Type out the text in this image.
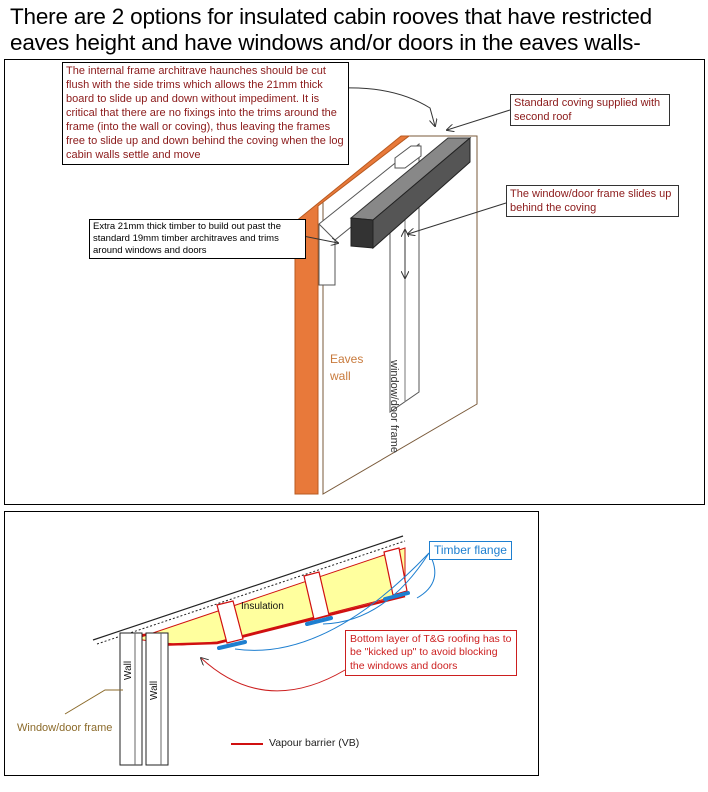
There are 2 options for insulated cabin rooves that have restricted eaves height and have windows and/or doors in the eaves walls-
The internal frame architrave haunches should be cut flush with the side trims which allows the 21mm thick board to slide up and down without impediment. It is critical that there are no fixings into the trims around the frame (into the wall or coving), thus leaving the frames free to slide up and down behind the coving when the log cabin walls settle and move
Standard coving supplied with second roof
The window/door frame slides up behind the coving
Extra 21mm thick timber to build out past the standard 19mm timber architraves and trims around windows and doors
Eaves wall	window/door frame
Timber flange
Insulation
Wall
Wall
Window/door frame
Bottom layer of T&G roofing has to be "kicked up" to avoid blocking the windows and doors
Vapour barrier (VB)
